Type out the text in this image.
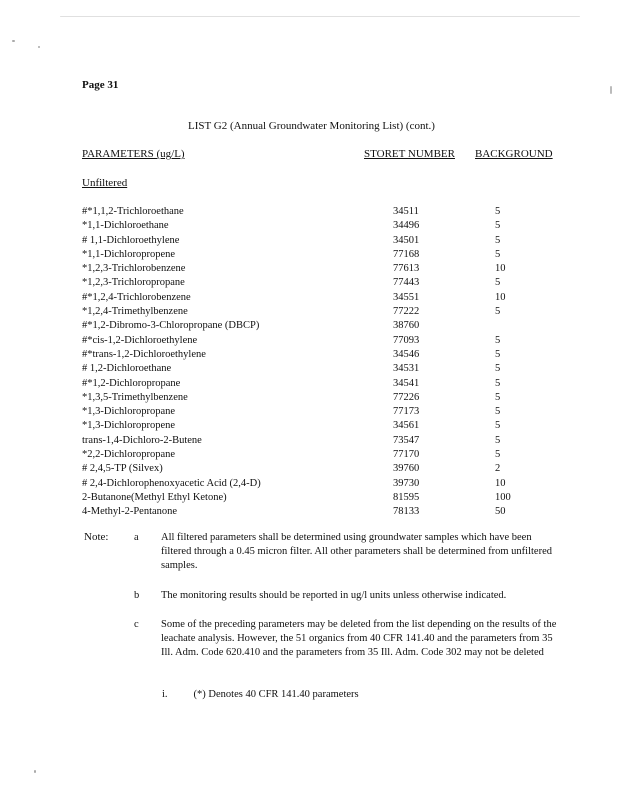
Page 31
LIST G2 (Annual Groundwater Monitoring List) (cont.)
PARAMETERS (ug/L)	STORET NUMBER BACKGROUND
Unfiltered
#*1,1,2-Trichloroethane	34511	5
*1,1-Dichloroethane	34496	5
# 1,1-Dichloroethylene	34501	5
*1,1-Dichloropropene	77168	5
*1,2,3-Trichlorobenzene	77613	10
*1,2,3-Trichloropropane	77443	5
#*1,2,4-Trichlorobenzene	34551	10
*1,2,4-Trimethylbenzene	77222	5
#*1,2-Dibromo-3-Chloropropane (DBCP)	38760
#*cis-1,2-Dichloroethylene	77093	5
#*trans-1,2-Dichloroethylene	34546	5
# 1,2-Dichloroethane	34531	5
#*1,2-Dichloropropane	34541	5
*1,3,5-Trimethylbenzene	77226	5
*1,3-Dichloropropane	77173	5
*1,3-Dichloropropene	34561	5
trans-1,4-Dichloro-2-Butene	73547	5
*2,2-Dichloropropane	77170	5
# 2,4,5-TP (Silvex)	39760	2
# 2,4-Dichlorophenoxyacetic Acid (2,4-D)	39730	10
2-Butanone(Methyl Ethyl Ketone)	81595	100
4-Methyl-2-Pentanone	78133	50
Note: a All filtered parameters shall be determined using groundwater samples which have been filtered through a 0.45 micron filter. All other parameters shall be determined from unfiltered samples.
b The monitoring results should be reported in ug/l units unless otherwise indicated.
c Some of the preceding parameters may be deleted from the list depending on the results of the leachate analysis. However, the 51 organics from 40 CFR 141.40 and the parameters from 35 Ill. Adm. Code 620.410 and the parameters from 35 Ill. Adm. Code 302 may not be deleted
i. (*) Denotes 40 CFR 141.40 parameters
